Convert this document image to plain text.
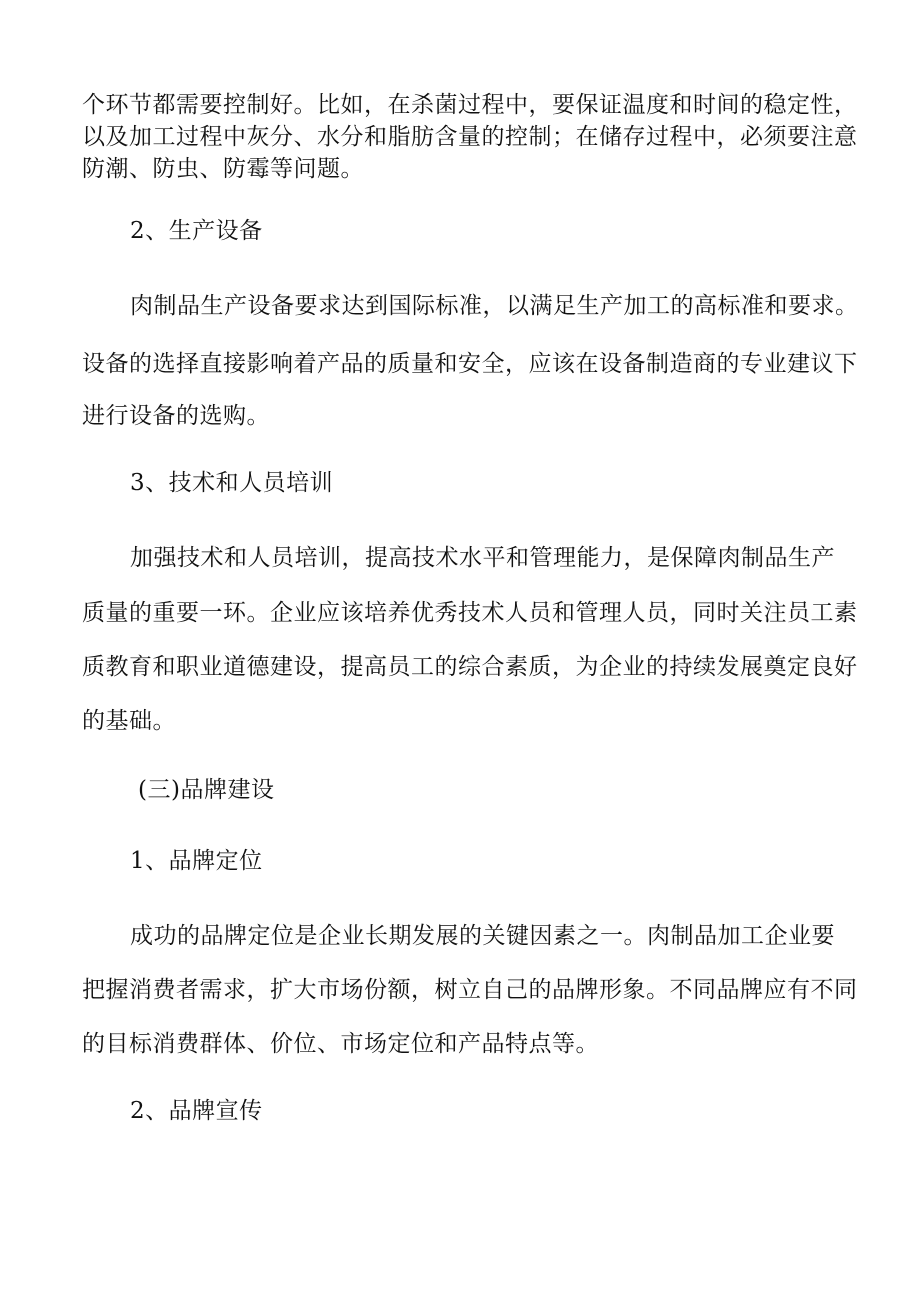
个环节都需要控制好。比如，在杀菌过程中，要保证温度和时间的稳定性，
以及加工过程中灰分、水分和脂肪含量的控制；在储存过程中，必须要注意
防潮、防虫、防霉等问题。
2、生产设备
肉制品生产设备要求达到国际标准，以满足生产加工的高标准和要求。
设备的选择直接影响着产品的质量和安全，应该在设备制造商的专业建议下
进行设备的选购。
3、技术和人员培训
加强技术和人员培训，提高技术水平和管理能力，是保障肉制品生产
质量的重要一环。企业应该培养优秀技术人员和管理人员，同时关注员工素
质教育和职业道德建设，提高员工的综合素质，为企业的持续发展奠定良好
的基础。
(三)品牌建设
1、品牌定位
成功的品牌定位是企业长期发展的关键因素之一。肉制品加工企业要
把握消费者需求，扩大市场份额，树立自己的品牌形象。不同品牌应有不同
的目标消费群体、价位、市场定位和产品特点等。
2、品牌宣传
